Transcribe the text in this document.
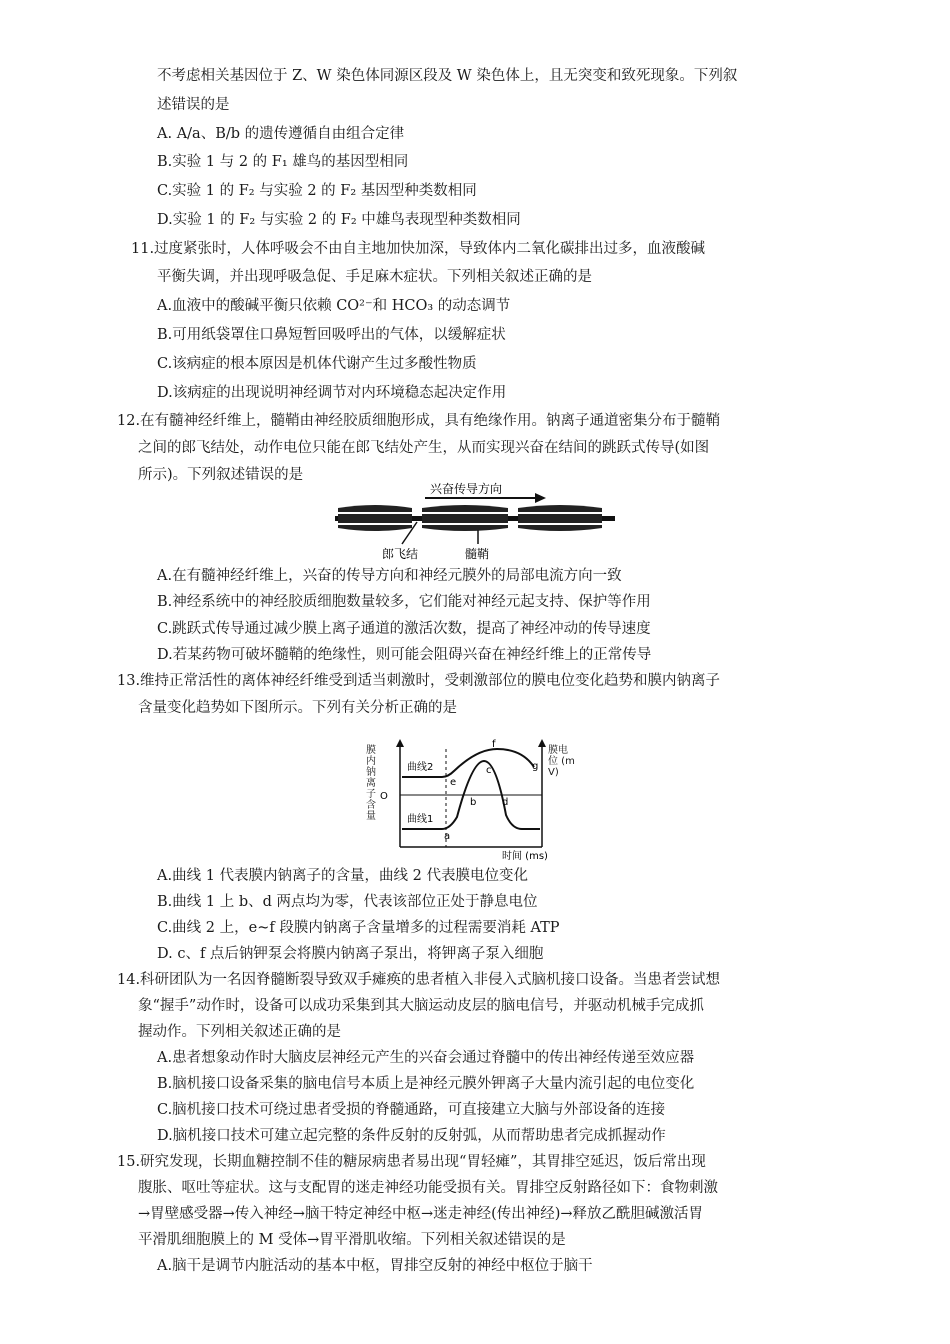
不考虑相关基因位于 Z、W 染色体同源区段及 W 染色体上，且无突变和致死现象。下列叙
述错误的是
A. A/a、B/b 的遗传遵循自由组合定律
B.实验 1 与 2 的 F₁ 雄鸟的基因型相同
C.实验 1 的 F₂ 与实验 2 的 F₂ 基因型种类数相同
D.实验 1 的 F₂ 与实验 2 的 F₂ 中雄鸟表现型种类数相同
11.过度紧张时，人体呼吸会不由自主地加快加深，导致体内二氧化碳排出过多，血液酸碱
平衡失调，并出现呼吸急促、手足麻木症状。下列相关叙述正确的是
A.血液中的酸碱平衡只依赖 CO²⁻和 HCO₃ 的动态调节
B.可用纸袋罩住口鼻短暂回吸呼出的气体，以缓解症状
C.该病症的根本原因是机体代谢产生过多酸性物质
D.该病症的出现说明神经调节对内环境稳态起决定作用
12.在有髓神经纤维上，髓鞘由神经胶质细胞形成，具有绝缘作用。钠离子通道密集分布于髓鞘
之间的郎飞结处，动作电位只能在郎飞结处产生，从而实现兴奋在结间的跳跃式传导(如图
所示)。下列叙述错误的是
兴奋传导方向
郎飞结	髓鞘
A.在有髓神经纤维上，兴奋的传导方向和神经元膜外的局部电流方向一致
B.神经系统中的神经胶质细胞数量较多，它们能对神经元起支持、保护等作用
C.跳跃式传导通过减少膜上离子通道的激活次数，提高了神经冲动的传导速度
D.若某药物可破坏髓鞘的绝缘性，则可能会阻碍兴奋在神经纤维上的正常传导
13.维持正常活性的离体神经纤维受到适当刺激时，受刺激部位的膜电位变化趋势和膜内钠离子
含量变化趋势如下图所示。下列有关分析正确的是
O
曲线2
曲线1
a
b
c
d
e
f
g
时间 (ms)
膜内钠离子含量
膜电位 (mV)
A.曲线 1 代表膜内钠离子的含量，曲线 2 代表膜电位变化
B.曲线 1 上 b、d 两点均为零，代表该部位正处于静息电位
C.曲线 2 上，e~f 段膜内钠离子含量增多的过程需要消耗 ATP
D. c、f 点后钠钾泵会将膜内钠离子泵出，将钾离子泵入细胞
14.科研团队为一名因脊髓断裂导致双手瘫痪的患者植入非侵入式脑机接口设备。当患者尝试想
象“握手”动作时，设备可以成功采集到其大脑运动皮层的脑电信号，并驱动机械手完成抓
握动作。下列相关叙述正确的是
A.患者想象动作时大脑皮层神经元产生的兴奋会通过脊髓中的传出神经传递至效应器
B.脑机接口设备采集的脑电信号本质上是神经元膜外钾离子大量内流引起的电位变化
C.脑机接口技术可绕过患者受损的脊髓通路，可直接建立大脑与外部设备的连接
D.脑机接口技术可建立起完整的条件反射的反射弧，从而帮助患者完成抓握动作
15.研究发现，长期血糖控制不佳的糖尿病患者易出现“胃轻瘫”，其胃排空延迟，饭后常出现
腹胀、呕吐等症状。这与支配胃的迷走神经功能受损有关。胃排空反射路径如下：食物刺激
→胃壁感受器→传入神经→脑干特定神经中枢→迷走神经(传出神经)→释放乙酰胆碱激活胃
平滑肌细胞膜上的 M 受体→胃平滑肌收缩。下列相关叙述错误的是
A.脑干是调节内脏活动的基本中枢，胃排空反射的神经中枢位于脑干
